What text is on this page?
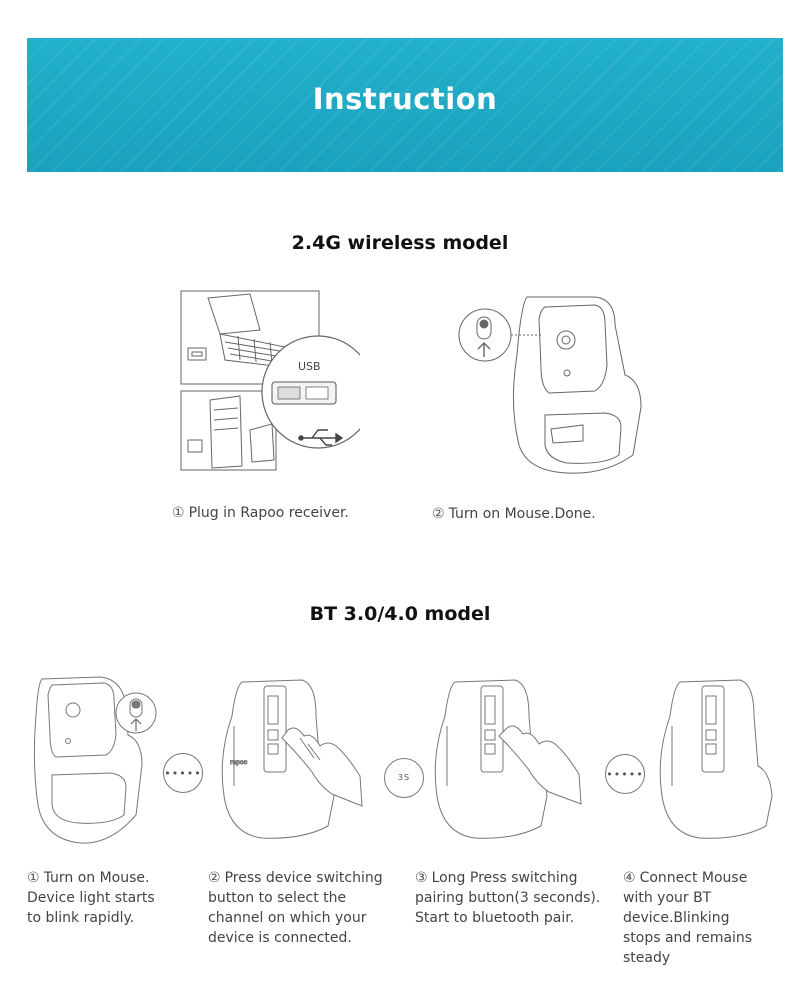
Instruction
2.4G wireless model
USB
① Plug in Rapoo receiver.	② Turn on Mouse.Done.
BT 3.0/4.0 model
•••••
rapoo
3S	•••••
① Turn on Mouse.
Device light starts
to blink rapidly.
② Press device switching
button to select the
channel on which your
device is connected.
③ Long Press switching
pairing button(3 seconds).
Start to bluetooth pair.
④ Connect Mouse
with your BT
device.Blinking
stops and remains
steady
